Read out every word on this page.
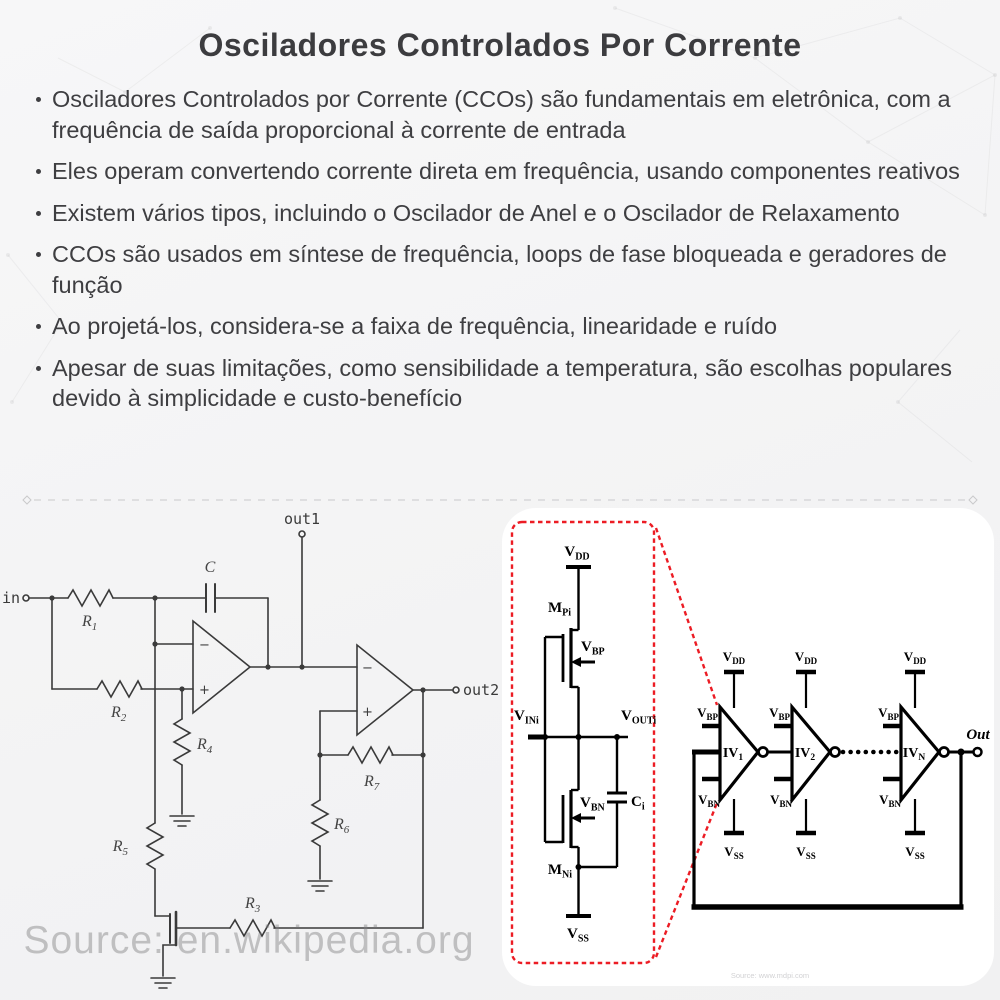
Osciladores Controlados Por Corrente
Osciladores Controlados por Corrente (CCOs) são fundamentais em eletrônica, com a frequência de saída proporcional à corrente de entrada
Eles operam convertendo corrente direta em frequência, usando componentes reativos
Existem vários tipos, incluindo o Oscilador de Anel e o Oscilador de Relaxamento
CCOs são usados em síntese de frequência, loops de fase bloqueada e geradores de função
Ao projetá-los, considera-se a faixa de frequência, linearidade e ruído
Apesar de suas limitações, como sensibilidade a temperatura, são escolhas populares devido à simplicidade e custo-benefício
in
out1
out2
C
$R_1$
$R_2$
$R_3$
$R_4$
$R_5$
$R_6$
$R_7$
−
+
−
+
Source: en.wikipedia.org
$V_{DD}$
$M_{Pi}$
$V_{BP}$
$V_{INi}$	$V_{OUTi}$
$V_{BN}$ $C_i$
$M_{Ni}$
$V_{SS}$
$V_{DD}$	$V_{DD}$	$V_{DD}$
$V_{SS}$	$V_{SS}$	$V_{SS}$
$V_{BP}$	$V_{BP}$	$V_{BP}$
$V_{BN}$	$V_{BN}$	$V_{BN}$
$IV_1$	$IV_2$	$IV_N$
Out
Source: www.mdpi.com
